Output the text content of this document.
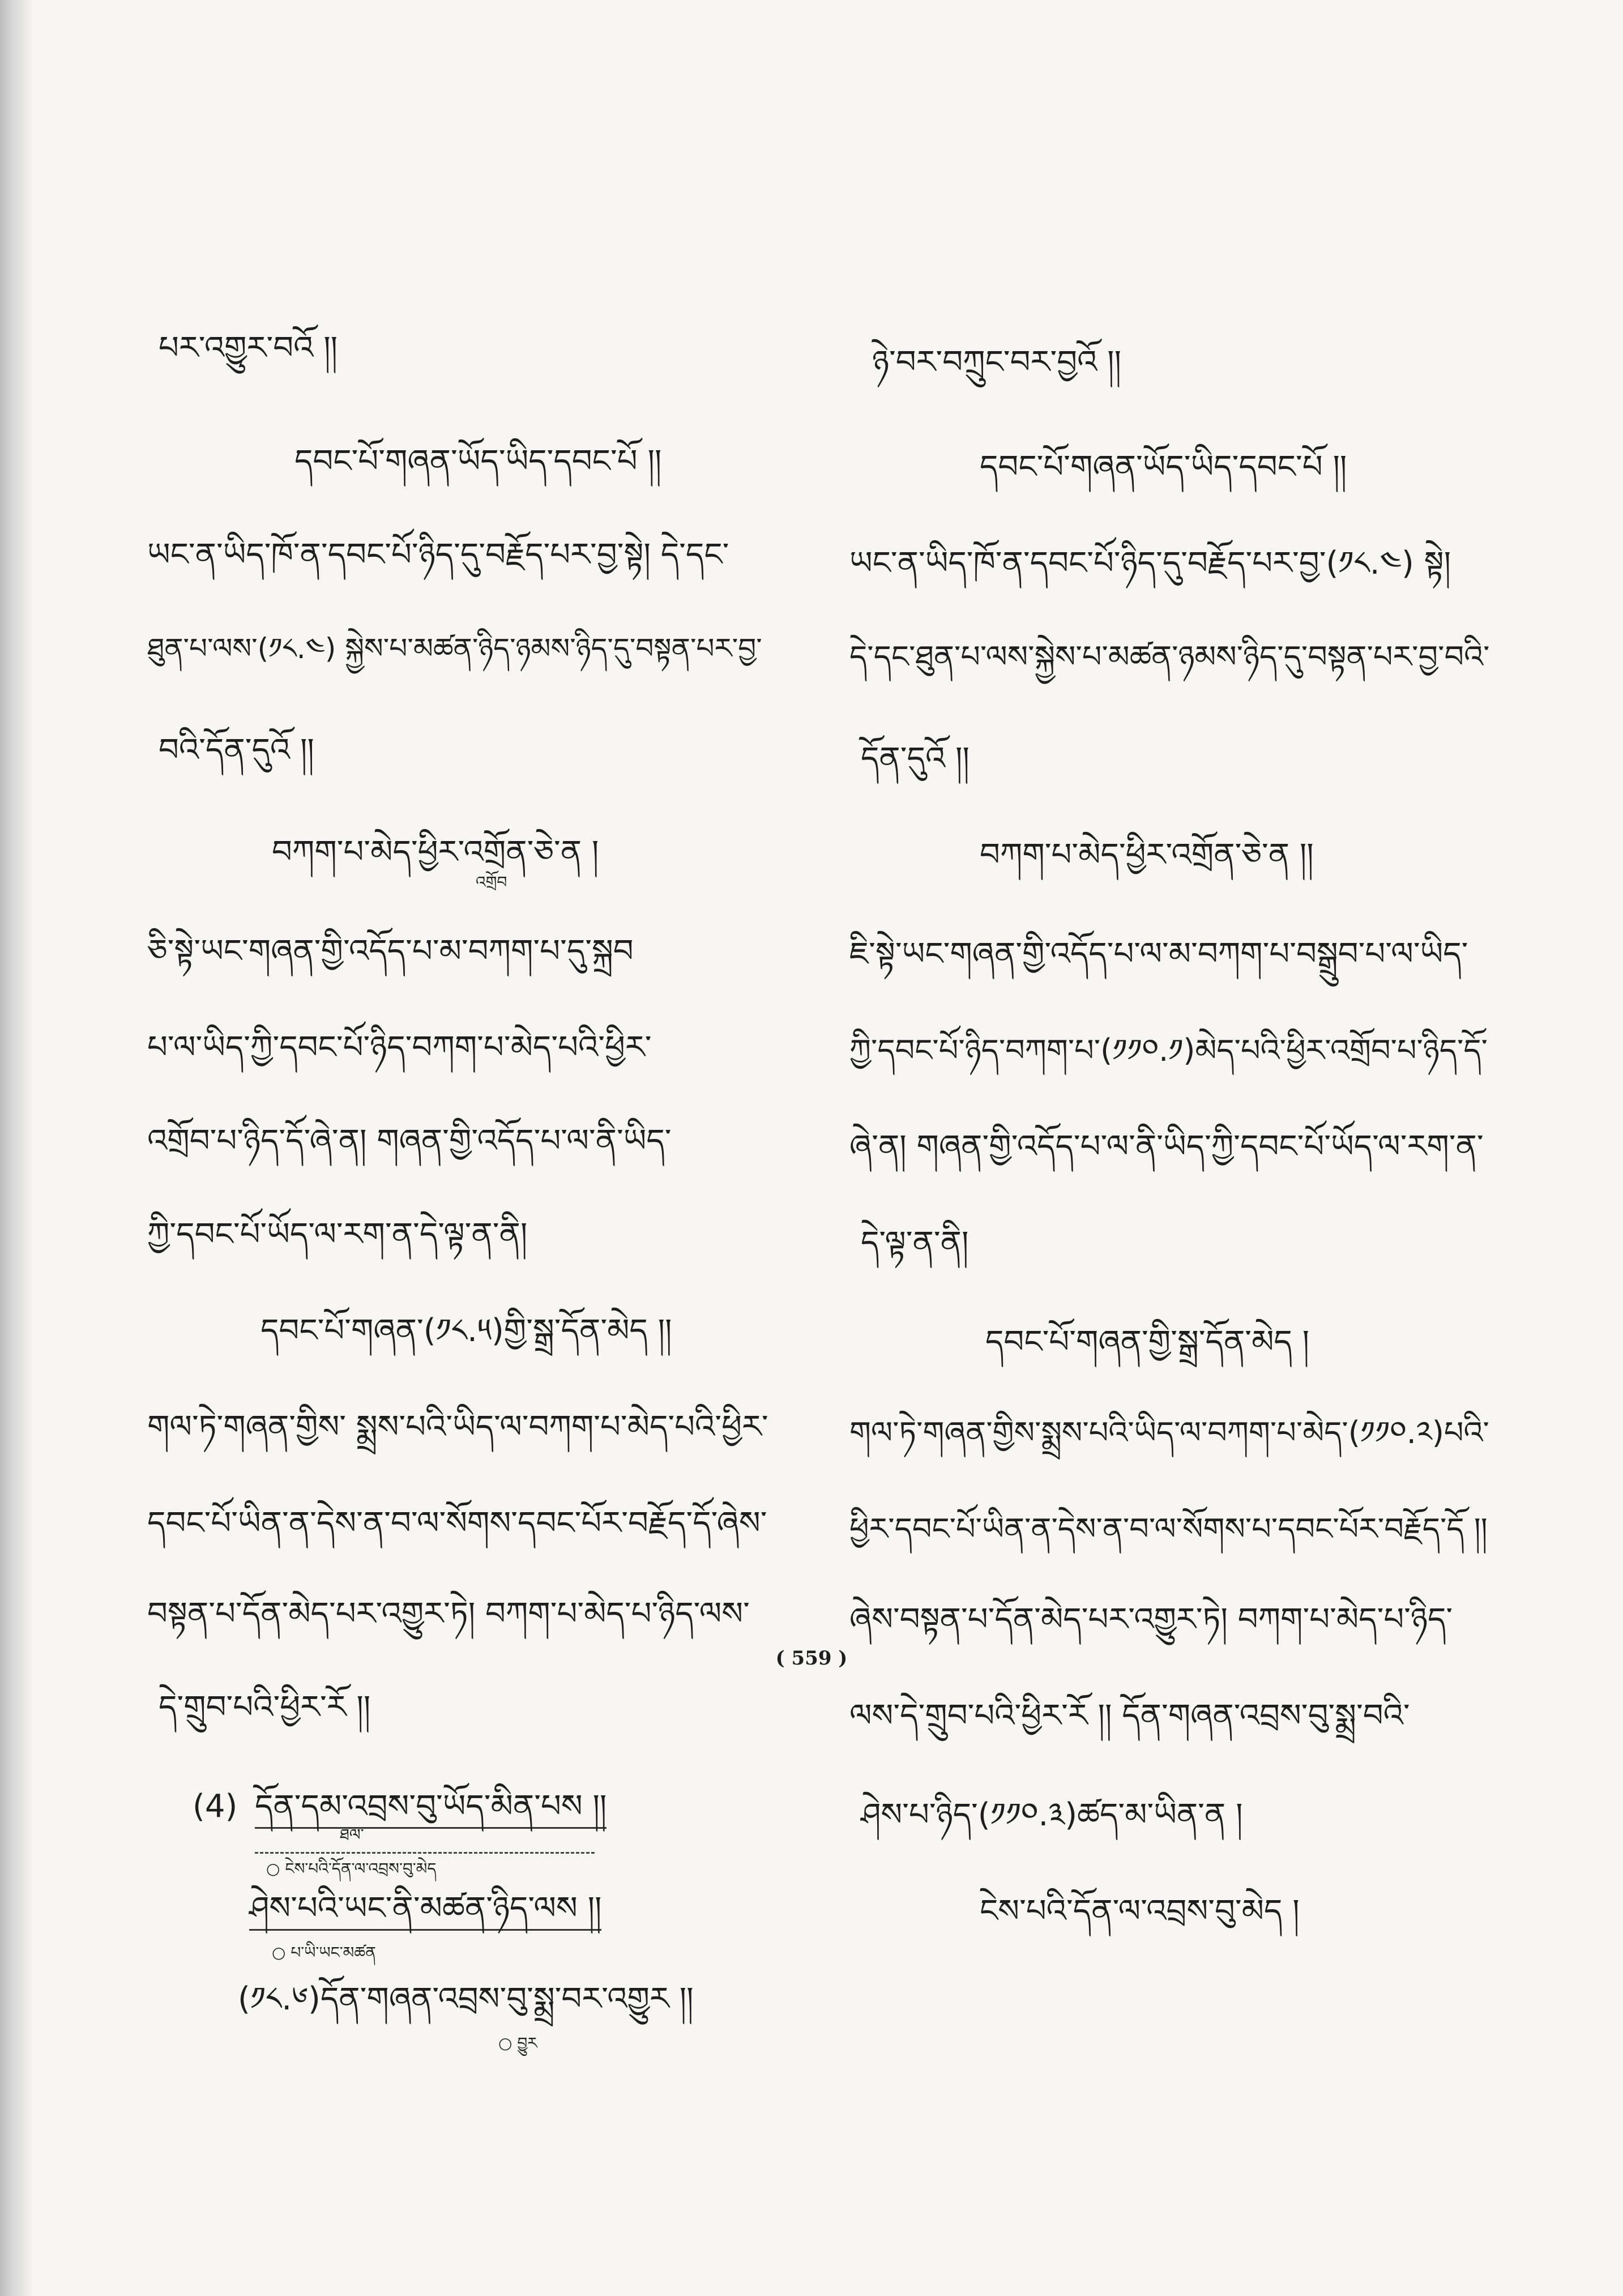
པར་འགྱུར་བའོ །།
དབང་པོ་གཞན་ཡོད་ཡིད་དབང་པོ །།
ཡང་ན་ཡིད་ཁོ་ན་དབང་པོ་ཉིད་དུ་བརྗོད་པར་བྱ་སྟེ། དེ་དང་
ཐུན་པ་ལས་(༡༨.༤) སྐྱེས་པ་མཚན་ཉིད་ཉམས་ཉིད་དུ་བསྟན་པར་བྱ་
བའི་དོན་དུའོ །།
བཀག་པ་མེད་ཕྱིར་འགྲོན་ཅེ་ན །
འགྲོབ
ཅི་སྟེ་ཡང་གཞན་གྱི་འདོད་པ་མ་བཀག་པ་དུ་སྐྲབ
པ་ལ་ཡིད་ཀྱི་དབང་པོ་ཉིད་བཀག་པ་མེད་པའི་ཕྱིར་
འགྲོབ་པ་ཉིད་དོ་ཞེ་ན། གཞན་གྱི་འདོད་པ་ལ་ནི་ཡིད་
ཀྱི་དབང་པོ་ཡོད་ལ་རག་ན་དེ་ལྟ་ན་ནི།
དབང་པོ་གཞན་(༡༨.༥)གྱི་སྒྲ་དོན་མེད །།
གལ་ཏེ་གཞན་གྱིས་ སྨྲས་པའི་ཡིད་ལ་བཀག་པ་མེད་པའི་ཕྱིར་
དབང་པོ་ཡིན་ན་དེས་ན་བ་ལ་སོགས་དབང་པོར་བརྗོད་དོ་ཞེས་
བསྟན་པ་དོན་མེད་པར་འགྱུར་ཏེ། བཀག་པ་མེད་པ་ཉིད་ལས་
དེ་གྲུབ་པའི་ཕྱིར་རོ །།
(4) དོན་དམ་འབྲས་བུ་ཡོད་མིན་པས །།
ཐལ་
○ ངེས་པའི་དོན་ལ་འབྲས་བུ་མེད
ཤེས་པའི་ཡང་ནི་མཚན་ཉིད་ལས །།
○ པ་ཡི་ཡང་མཚན
(༡༨.༦)དོན་གཞན་འབྲས་བུ་སྨྲ་བར་འགྱུར །།
○ བྱུར
ཉེ་བར་བཀྲུང་བར་བྱའོ །།
དབང་པོ་གཞན་ཡོད་ཡིད་དབང་པོ །།
ཡང་ན་ཡིད་ཁོ་ན་དབང་པོ་ཉིད་དུ་བརྗོད་པར་བྱ་(༡༨.༤) སྟེ།
དེ་དང་ཐུན་པ་ལས་སྐྱེས་པ་མཚན་ཉམས་ཉིད་དུ་བསྟན་པར་བྱ་བའི་
དོན་དུའོ །།
བཀག་པ་མེད་ཕྱིར་འགྲོན་ཅེ་ན །།
ཇི་སྟེ་ཡང་གཞན་གྱི་འདོད་པ་ལ་མ་བཀག་པ་བསྒྲུབ་པ་ལ་ཡིད་
ཀྱི་དབང་པོ་ཉིད་བཀག་པ་(༡༡༠.༡)མེད་པའི་ཕྱིར་འགྲོབ་པ་ཉིད་དོ་
ཞེ་ན། གཞན་གྱི་འདོད་པ་ལ་ནི་ཡིད་ཀྱི་དབང་པོ་ཡོད་ལ་རག་ན་
དེ་ལྟ་ན་ནི།
དབང་པོ་གཞན་གྱི་སྒྲ་དོན་མེད །
གལ་ཏེ་གཞན་གྱིས་སྨྲས་པའི་ཡིད་ལ་བཀག་པ་མེད་(༡༡༠.༢)པའི་
ཕྱིར་དབང་པོ་ཡིན་ན་དེས་ན་བ་ལ་སོགས་པ་དབང་པོར་བརྗོད་དོ །།
ཞེས་བསྟན་པ་དོན་མེད་པར་འགྱུར་ཏེ། བཀག་པ་མེད་པ་ཉིད་
ལས་དེ་གྲུབ་པའི་ཕྱིར་རོ །། དོན་གཞན་འབྲས་བུ་སྨྲ་བའི་
ཤེས་པ་ཉིད་(༡༡༠.༣)ཚད་མ་ཡིན་ན །
ངེས་པའི་དོན་ལ་འབྲས་བུ་མེད །
( 559 )
